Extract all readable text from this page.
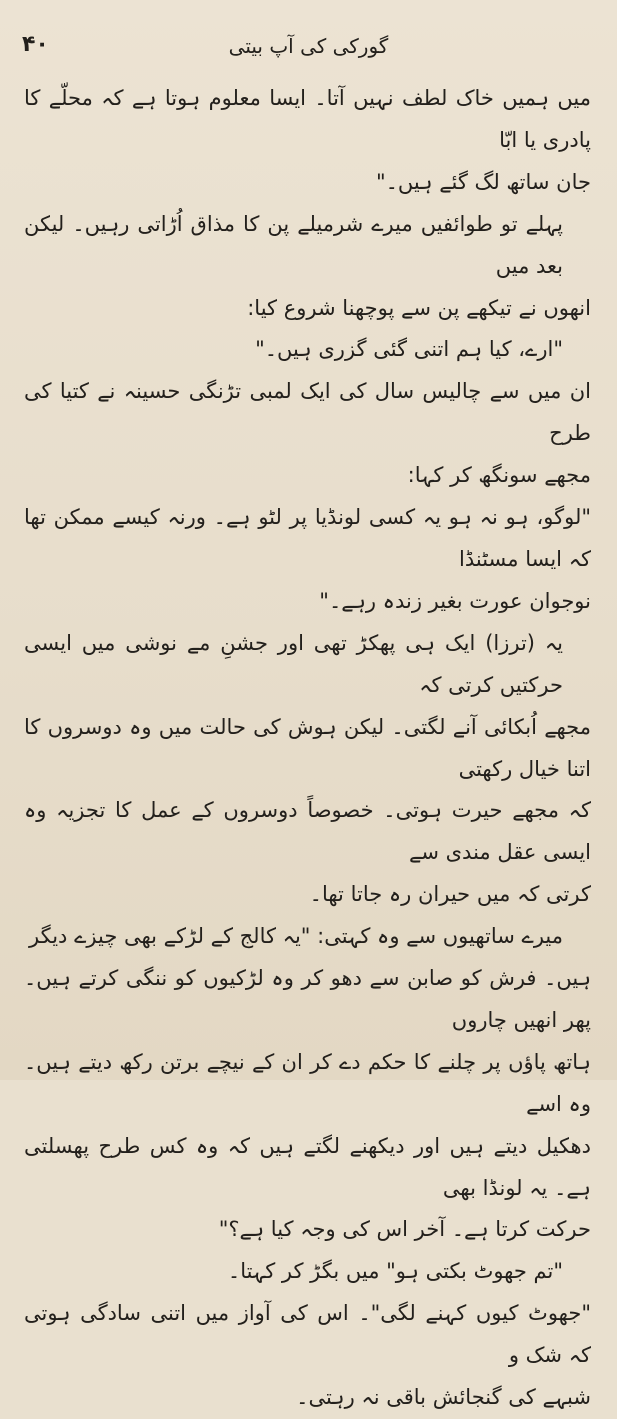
۴۰	گورکی کی آپ بیتی

میں ہمیں خاک لطف نہیں آتا۔ ایسا معلوم ہوتا ہے کہ محلّے کا پادری یا ابّا

جان ساتھ لگ گئے ہیں۔"

پہلے تو طوائفیں میرے شرمیلے پن کا مذاق اُڑاتی رہیں۔ لیکن بعد میں

انھوں نے تیکھے پن سے پوچھنا شروع کیا:

"ارے، کیا ہم اتنی گئی گزری ہیں۔"

ان میں سے چالیس سال کی ایک لمبی تڑنگی حسینہ نے کتیا کی طرح

مجھے سونگھ کر کہا:

"لوگو، ہو نہ ہو یہ کسی لونڈیا پر لٹو ہے۔ ورنہ کیسے ممکن تھا کہ ایسا مسٹنڈا

نوجوان عورت بغیر زندہ رہے۔"

یہ (ترزا) ایک ہی پھکڑ تھی اور جشنِ مے نوشی میں ایسی حرکتیں کرتی کہ

مجھے اُبکائی آنے لگتی۔ لیکن ہوش کی حالت میں وہ دوسروں کا اتنا خیال رکھتی

کہ مجھے حیرت ہوتی۔ خصوصاً دوسروں کے عمل کا تجزیہ وہ ایسی عقل مندی سے

کرتی کہ میں حیران رہ جاتا تھا۔

میرے ساتھیوں سے وہ کہتی: "یہ کالج کے لڑکے بھی چیزے دیگر

ہیں۔ فرش کو صابن سے دھو کر وہ لڑکیوں کو ننگی کرتے ہیں۔ پھر انھیں چاروں

ہاتھ پاؤں پر چلنے کا حکم دے کر ان کے نیچے برتن رکھ دیتے ہیں۔ وہ اسے

دھکیل دیتے ہیں اور دیکھنے لگتے ہیں کہ وہ کس طرح پھسلتی ہے۔ یہ لونڈا بھی

حرکت کرتا ہے۔ آخر اس کی وجہ کیا ہے؟"

"تم جھوٹ بکتی ہو" میں بگڑ کر کہتا۔

"جھوٹ کیوں کہنے لگی"۔ اس کی آواز میں اتنی سادگی ہوتی کہ شک و

شبہے کی گنجائش باقی نہ رہتی۔
